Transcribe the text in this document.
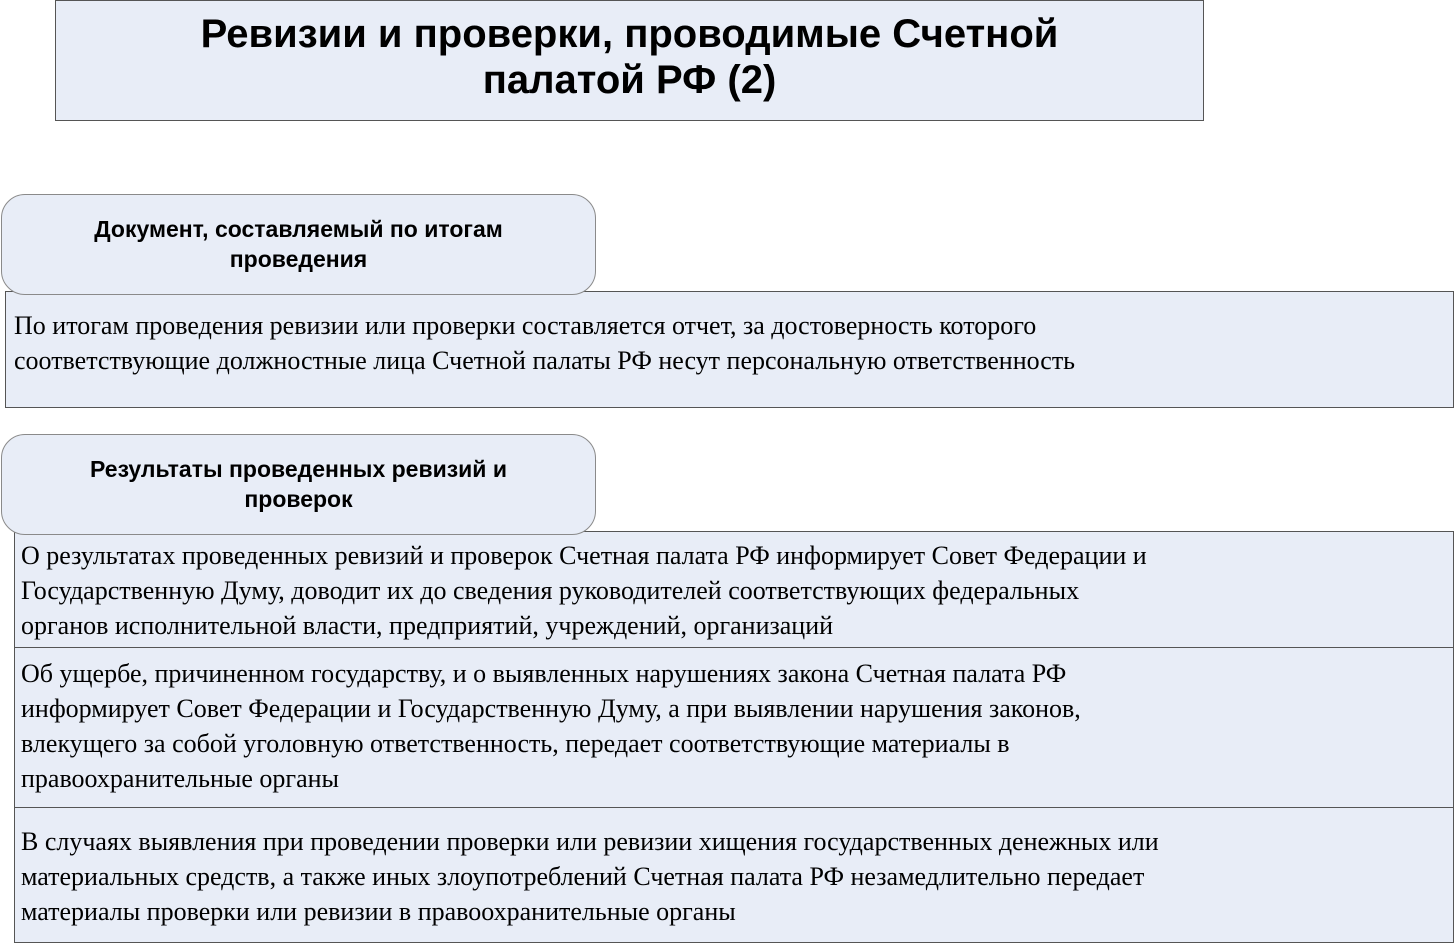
Ревизии и проверки, проводимые Счетной
палатой РФ (2)
Документ, составляемый по итогам
проведения
По итогам проведения ревизии или проверки составляется отчет, за достоверность которого
соответствующие должностные лица Счетной палаты РФ несут персональную ответственность
Результаты проведенных ревизий и
проверок
О результатах проведенных ревизий и проверок Счетная палата РФ информирует Совет Федерации и
Государственную Думу, доводит их до сведения руководителей соответствующих федеральных
органов исполнительной власти, предприятий, учреждений, организаций
Об ущербе, причиненном государству, и о выявленных нарушениях закона Счетная палата РФ
информирует Совет Федерации и Государственную Думу, а при выявлении нарушения законов,
влекущего за собой уголовную ответственность, передает соответствующие материалы в
правоохранительные органы
В случаях выявления при проведении проверки или ревизии хищения государственных денежных или
материальных средств, а также иных злоупотреблений Счетная палата РФ незамедлительно передает
материалы проверки или ревизии в правоохранительные органы
